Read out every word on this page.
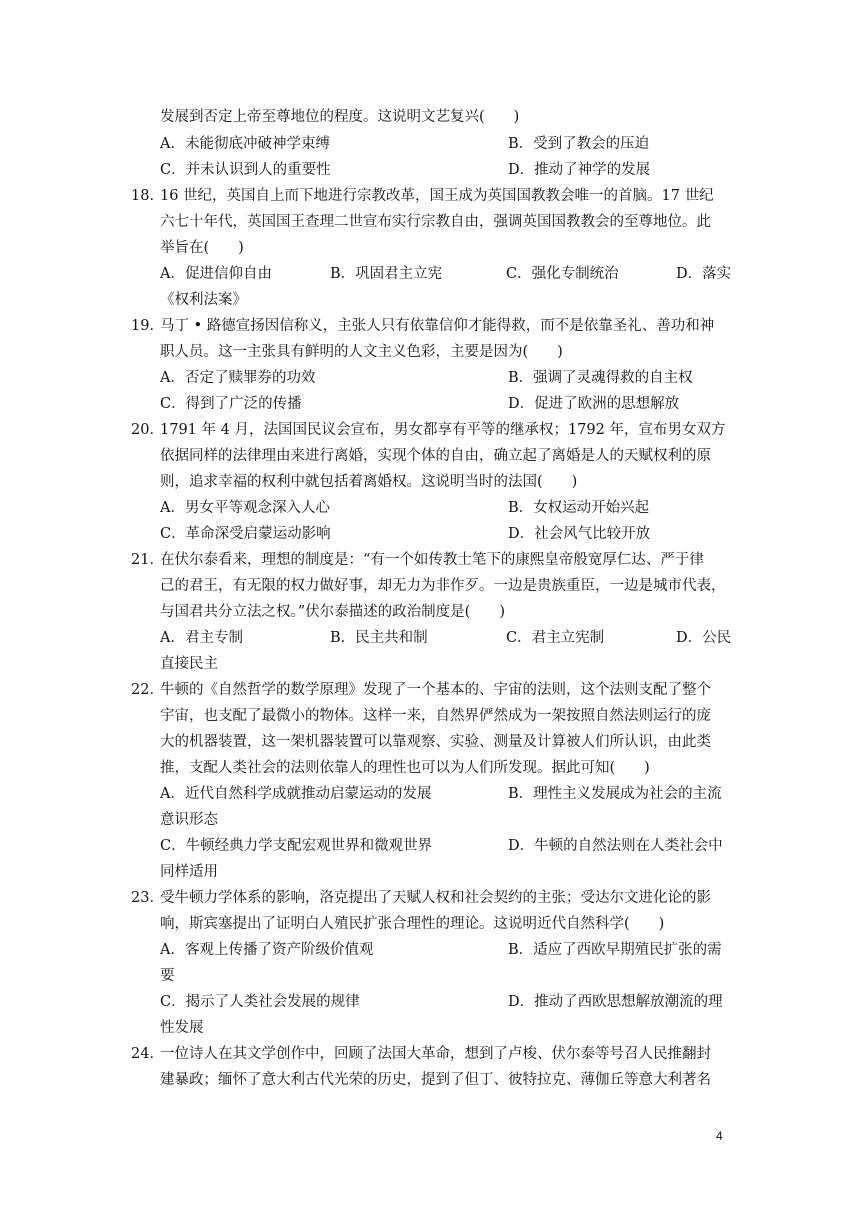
发展到否定上帝至尊地位的程度。这说明文艺复兴(　　)
A．未能彻底冲破神学束缚	B．受到了教会的压迫
C．并未认识到人的重要性	D．推动了神学的发展
18．
16 世纪，英国自上而下地进行宗教改革，国王成为英国国教教会唯一的首脑。17 世纪
六七十年代，英国国王查理二世宣布实行宗教自由，强调英国国教教会的至尊地位。此
举旨在(　　)
A．促进信仰自由	B．巩固君主立宪	C．强化专制统治	D．落实
《权利法案》
19．
马丁 • 路德宣扬因信称义，主张人只有依靠信仰才能得救，而不是依靠圣礼、善功和神
职人员。这一主张具有鲜明的人文主义色彩，主要是因为(　　)
A．否定了赎罪券的功效	B．强调了灵魂得救的自主权
C．得到了广泛的传播	D．促进了欧洲的思想解放
20．
1791 年 4 月，法国国民议会宣布，男女都享有平等的继承权；1792 年，宣布男女双方
依据同样的法律理由来进行离婚，实现个体的自由，确立起了离婚是人的天赋权利的原
则，追求幸福的权利中就包括着离婚权。这说明当时的法国(　　)
A．男女平等观念深入人心	B．女权运动开始兴起
C．革命深受启蒙运动影响	D．社会风气比较开放
21．
在伏尔泰看来，理想的制度是：“有一个如传教士笔下的康熙皇帝般宽厚仁达、严于律
己的君王，有无限的权力做好事，却无力为非作歹。一边是贵族重臣，一边是城市代表，
与国君共分立法之权。”伏尔泰描述的政治制度是(　　)
A．君主专制	B．民主共和制	C．君主立宪制	D．公民
直接民主
22．
牛顿的《自然哲学的数学原理》发现了一个基本的、宇宙的法则，这个法则支配了整个
宇宙，也支配了最微小的物体。这样一来，自然界俨然成为一架按照自然法则运行的庞
大的机器装置，这一架机器装置可以靠观察、实验、测量及计算被人们所认识，由此类
推，支配人类社会的法则依靠人的理性也可以为人们所发现。据此可知(　　)
A．近代自然科学成就推动启蒙运动的发展	B．理性主义发展成为社会的主流
意识形态
C．牛顿经典力学支配宏观世界和微观世界	D．牛顿的自然法则在人类社会中
同样适用
23．
受牛顿力学体系的影响，洛克提出了天赋人权和社会契约的主张；受达尔文进化论的影
响，斯宾塞提出了证明白人殖民扩张合理性的理论。这说明近代自然科学(　　)
A．客观上传播了资产阶级价值观	B．适应了西欧早期殖民扩张的需
要
C．揭示了人类社会发展的规律	D．推动了西欧思想解放潮流的理
性发展
24．
一位诗人在其文学创作中，回顾了法国大革命，想到了卢梭、伏尔泰等号召人民推翻封
建暴政；缅怀了意大利古代光荣的历史，提到了但丁、彼特拉克、薄伽丘等意大利著名
4
